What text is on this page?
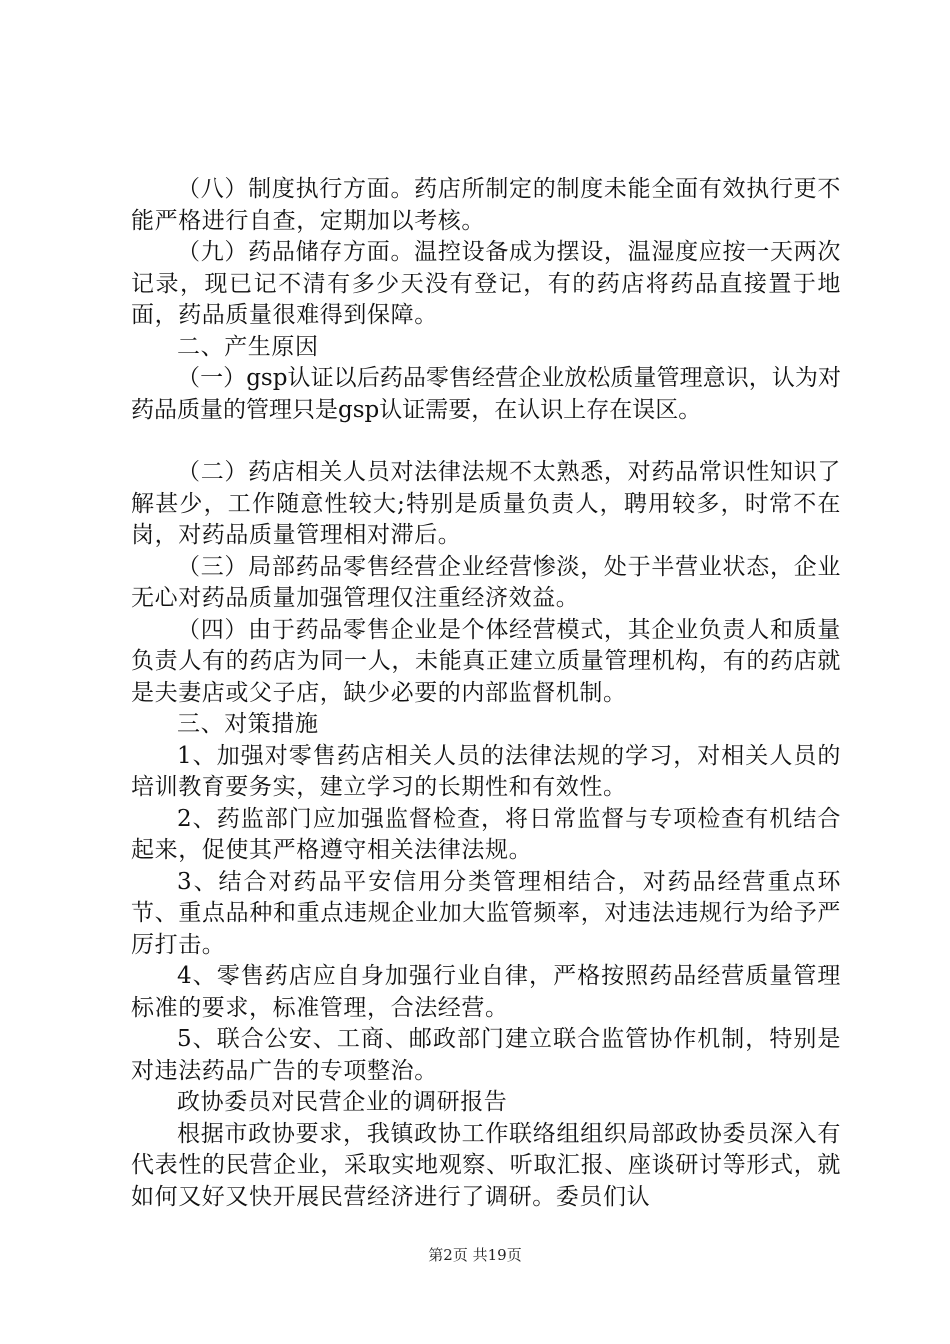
（八）制度执行方面。药店所制定的制度未能全面有效执行更不能严格进行自查，定期加以考核。

（九）药品储存方面。温控设备成为摆设，温湿度应按一天两次记录，现已记不清有多少天没有登记，有的药店将药品直接置于地面，药品质量很难得到保障。

二、产生原因

（一）gsp认证以后药品零售经营企业放松质量管理意识，认为对药品质量的管理只是gsp认证需要，在认识上存在误区。

（二）药店相关人员对法律法规不太熟悉，对药品常识性知识了解甚少，工作随意性较大;特别是质量负责人，聘用较多，时常不在岗，对药品质量管理相对滞后。

（三）局部药品零售经营企业经营惨淡，处于半营业状态，企业无心对药品质量加强管理仅注重经济效益。

（四）由于药品零售企业是个体经营模式，其企业负责人和质量负责人有的药店为同一人，未能真正建立质量管理机构，有的药店就是夫妻店或父子店，缺少必要的内部监督机制。

三、对策措施

1、加强对零售药店相关人员的法律法规的学习，对相关人员的培训教育要务实，建立学习的长期性和有效性。

2、药监部门应加强监督检查，将日常监督与专项检查有机结合起来，促使其严格遵守相关法律法规。

3、结合对药品平安信用分类管理相结合，对药品经营重点环节、重点品种和重点违规企业加大监管频率，对违法违规行为给予严厉打击。

4、零售药店应自身加强行业自律，严格按照药品经营质量管理标准的要求，标准管理，合法经营。

5、联合公安、工商、邮政部门建立联合监管协作机制，特别是对违法药品广告的专项整治。

政协委员对民营企业的调研报告

根据市政协要求，我镇政协工作联络组组织局部政协委员深入有代表性的民营企业，采取实地观察、听取汇报、座谈研讨等形式，就如何又好又快开展民营经济进行了调研。委员们认

第2页 共19页
